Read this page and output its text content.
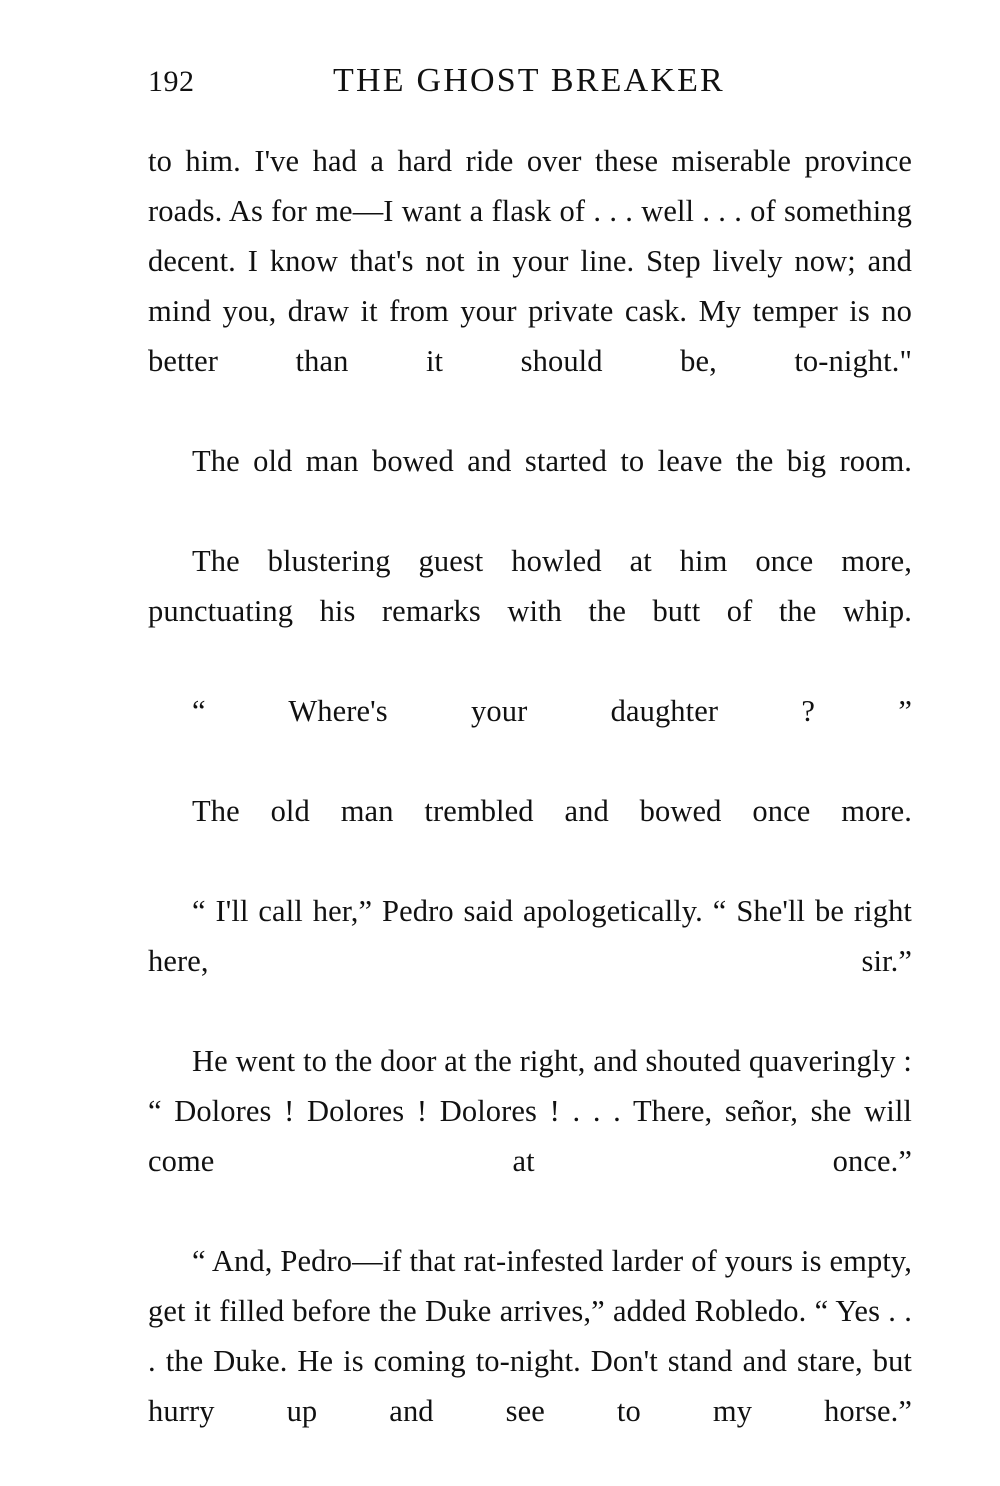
192	THE GHOST BREAKER

to him. I've had a hard ride over these miserable province roads. As for me—I want a flask of . . . well . . . of something decent. I know that's not in your line. Step lively now; and mind you, draw it from your private cask. My temper is no better than it should be, to-night."

The old man bowed and started to leave the big room.

The blustering guest howled at him once more, punctuating his remarks with the butt of the whip.

“ Where's your daughter ? ”

The old man trembled and bowed once more.

“ I'll call her,” Pedro said apologetically. “ She'll be right here, sir.”

He went to the door at the right, and shouted quaveringly : “ Dolores ! Dolores ! Dolores ! . . . There, señor, she will come at once.”

“ And, Pedro—if that rat-infested larder of yours is empty, get it filled before the Duke arrives,” added Robledo. “ Yes . . . the Duke. He is coming to-night. Don't stand and stare, but hurry up and see to my horse.”
